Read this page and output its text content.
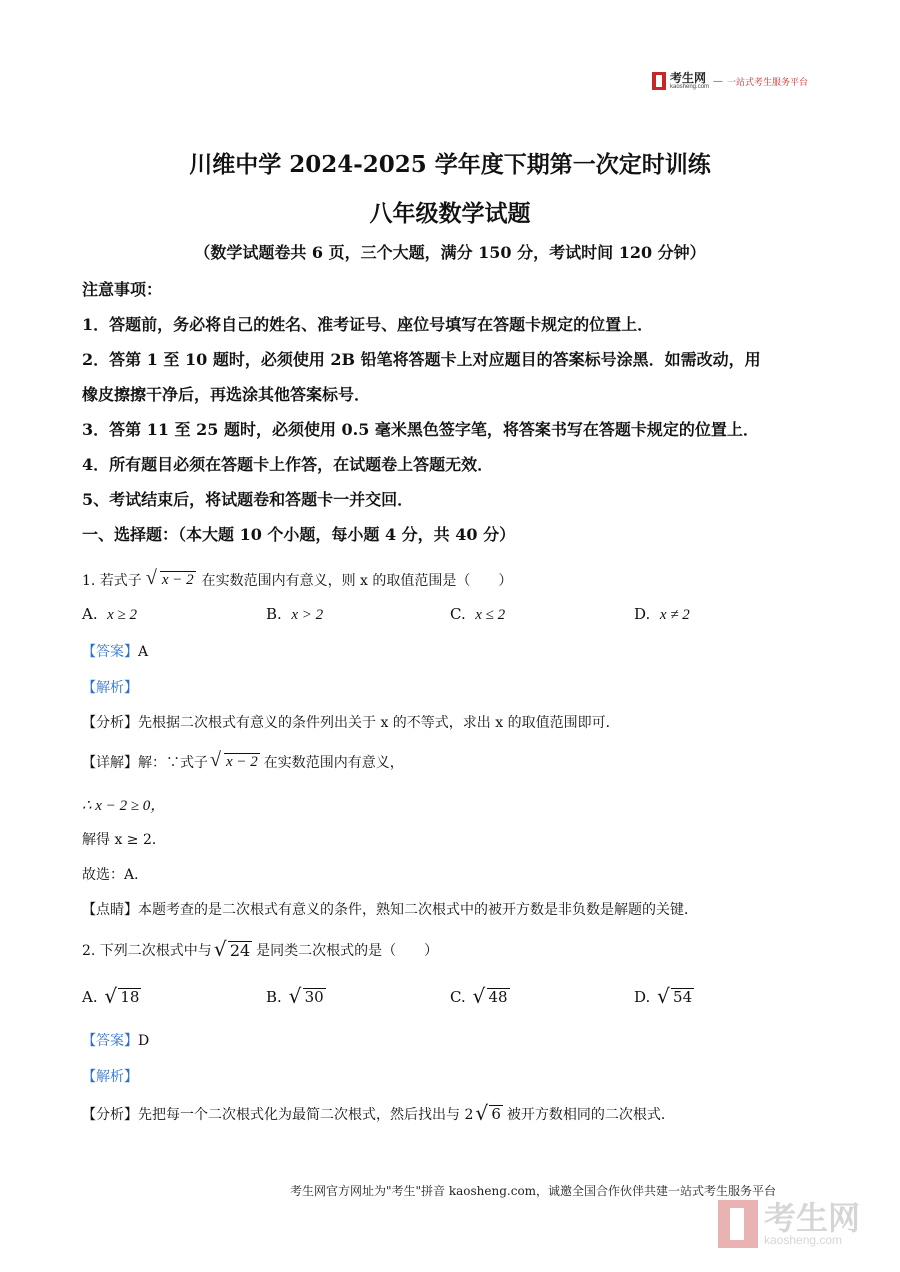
考生网
kaosheng.com
— 一站式考生服务平台
川维中学 2024-2025 学年度下期第一次定时训练
八年级数学试题
（数学试题卷共 6 页，三个大题，满分 150 分，考试时间 120 分钟）
注意事项：
1．答题前，务必将自己的姓名、准考证号、座位号填写在答题卡规定的位置上．
2．答第 1 至 10 题时，必须使用 2B 铅笔将答题卡上对应题目的答案标号涂黑．如需改动，用
橡皮擦擦干净后，再选涂其他答案标号．
3．答第 11 至 25 题时，必须使用 0.5 毫米黑色签字笔，将答案书写在答题卡规定的位置上．
4．所有题目必须在答题卡上作答，在试题卷上答题无效．
5、考试结束后，将试题卷和答题卡一并交回．
一、选择题：（本大题 10 个小题，每小题 4 分，共 40 分）
1. 若式子	√ x − 2 在实数范围内有意义，则 x 的取值范围是（　　）
A. x ≥ 2	B. x > 2	C. x ≤ 2	D. x ≠ 2
【答案】A
【解析】
【分析】先根据二次根式有意义的条件列出关于 x 的不等式，求出 x 的取值范围即可．
【详解】 解：∵式子	√ x − 2 在实数范围内有意义，
∴ x − 2 ≥ 0，
解得 x ≥ 2．
故选：A．
【点睛】本题考查的是二次根式有意义的条件，熟知二次根式中的被开方数是非负数是解题的关键．
2. 下列二次根式中与	√ 24 是同类二次根式的是（　　）
A.
	√ 18	B.
	√ 30	C.
	√ 48	D.
	√ 54
【答案】D
【解析】
【分析】 先把每一个二次根式化为最简二次根式，然后找出与 2	√ 6 被开方数相同的二次根式．
考生网官方网址为"考生"拼音 kaosheng.com，诚邀全国合作伙伴共建一站式考生服务平台
考生网
kaosheng.com
